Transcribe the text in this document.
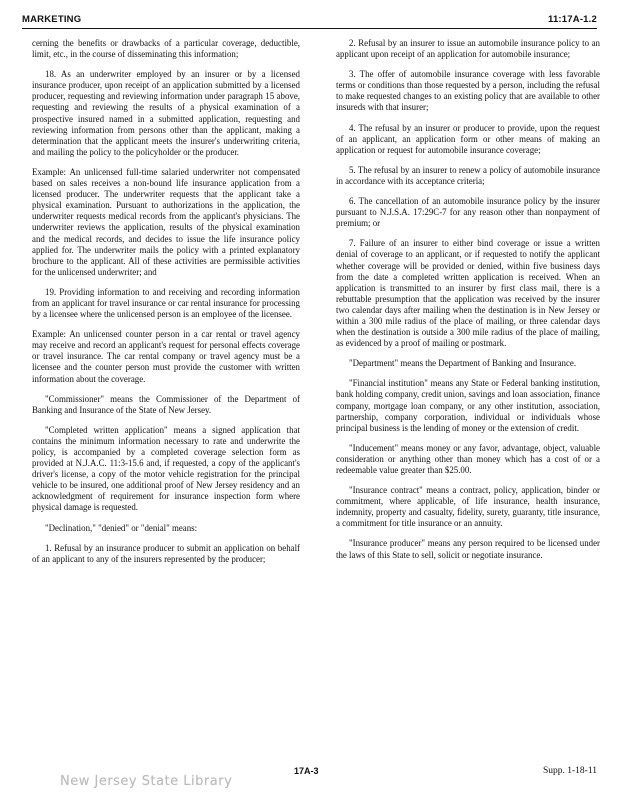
MARKETING	11:17A-1.2

cerning the benefits or drawbacks of a particular coverage, deductible, limit, etc., in the course of disseminating this information;

18. As an underwriter employed by an insurer or by a licensed insurance producer, upon receipt of an application submitted by a licensed producer, requesting and reviewing information under paragraph 15 above, requesting and reviewing the results of a physical examination of a prospective insured named in a submitted application, requesting and reviewing information from persons other than the applicant, making a determination that the applicant meets the insurer's underwriting criteria, and mailing the policy to the policyholder or the producer.

Example: An unlicensed full-time salaried underwriter not compensated based on sales receives a non-bound life insurance application from a licensed producer. The underwriter requests that the applicant take a physical examination. Pursuant to authorizations in the application, the underwriter requests medical records from the applicant's physicians. The underwriter reviews the application, results of the physical examination and the medical records, and decides to issue the life insurance policy applied for. The underwriter mails the policy with a printed explanatory brochure to the applicant. All of these activities are permissible activities for the unlicensed underwriter; and

19. Providing information to and receiving and recording information from an applicant for travel insurance or car rental insurance for processing by a licensee where the unlicensed person is an employee of the licensee.

Example: An unlicensed counter person in a car rental or travel agency may receive and record an applicant's request for personal effects coverage or travel insurance. The car rental company or travel agency must be a licensee and the counter person must provide the customer with written information about the coverage.

"Commissioner" means the Commissioner of the Department of Banking and Insurance of the State of New Jersey.

"Completed written application" means a signed application that contains the minimum information necessary to rate and underwrite the policy, is accompanied by a completed coverage selection form as provided at N.J.A.C. 11:3-15.6 and, if requested, a copy of the applicant's driver's license, a copy of the motor vehicle registration for the principal vehicle to be insured, one additional proof of New Jersey residency and an acknowledgment of requirement for insurance inspection form where physical damage is requested.

"Declination," "denied" or "denial" means:

1. Refusal by an insurance producer to submit an application on behalf of an applicant to any of the insurers represented by the producer;

2. Refusal by an insurer to issue an automobile insurance policy to an applicant upon receipt of an application for automobile insurance;

3. The offer of automobile insurance coverage with less favorable terms or conditions than those requested by a person, including the refusal to make requested changes to an existing policy that are available to other insureds with that insurer;

4. The refusal by an insurer or producer to provide, upon the request of an applicant, an application form or other means of making an application or request for automobile insurance coverage;

5. The refusal by an insurer to renew a policy of automobile insurance in accordance with its acceptance criteria;

6. The cancellation of an automobile insurance policy by the insurer pursuant to N.J.S.A. 17:29C-7 for any reason other than nonpayment of premium; or

7. Failure of an insurer to either bind coverage or issue a written denial of coverage to an applicant, or if requested to notify the applicant whether coverage will be provided or denied, within five business days from the date a completed written application is received. When an application is transmitted to an insurer by first class mail, there is a rebuttable presumption that the application was received by the insurer two calendar days after mailing when the destination is in New Jersey or within a 300 mile radius of the place of mailing, or three calendar days when the destination is outside a 300 mile radius of the place of mailing, as evidenced by a proof of mailing or postmark.

"Department" means the Department of Banking and Insurance.

"Financial institution" means any State or Federal banking institution, bank holding company, credit union, savings and loan association, finance company, mortgage loan company, or any other institution, association, partnership, company corporation, individual or individuals whose principal business is the lending of money or the extension of credit.

"Inducement" means money or any favor, advantage, object, valuable consideration or anything other than money which has a cost of or a redeemable value greater than $25.00.

"Insurance contract" means a contract, policy, application, binder or commitment, where applicable, of life insurance, health insurance, indemnity, property and casualty, fidelity, surety, guaranty, title insurance, a commitment for title insurance or an annuity.

"Insurance producer" means any person required to be licensed under the laws of this State to sell, solicit or negotiate insurance.

New Jersey State Library
17A-3	Supp. 1-18-11
